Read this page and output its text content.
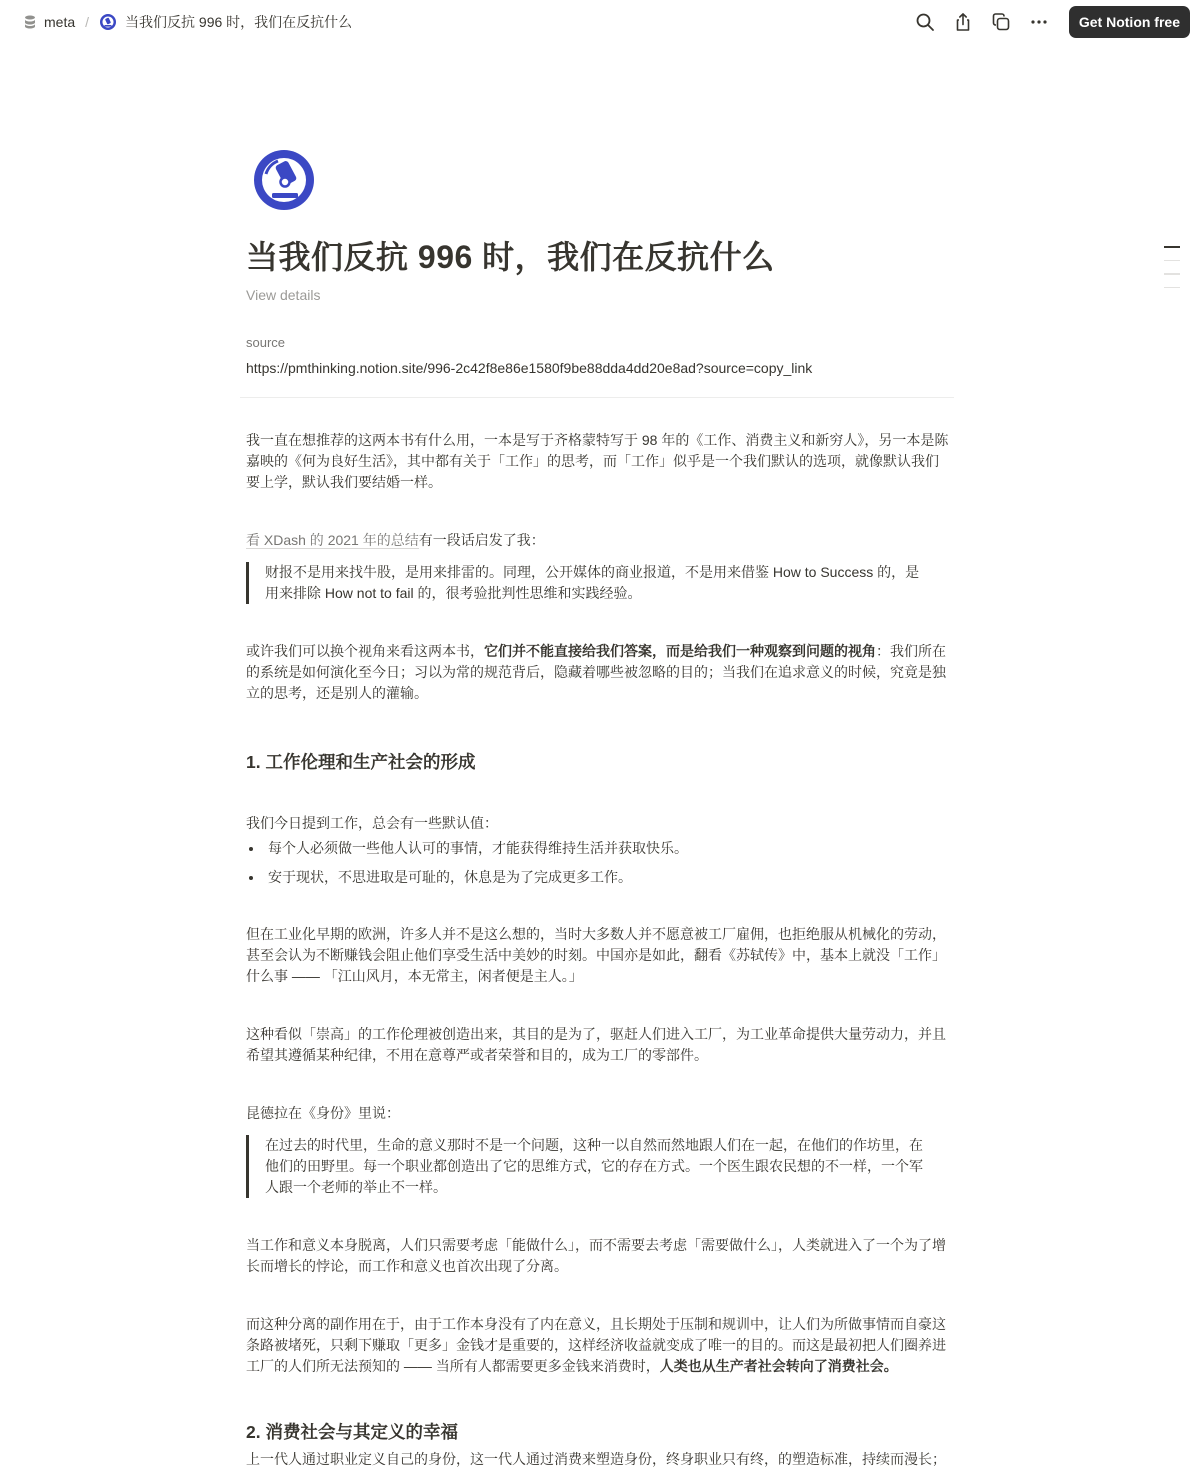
meta /	当我们反抗 996 时，我们在反抗什么	Get Notion free
当我们反抗 996 时，我们在反抗什么
View details
source
https://pmthinking.notion.site/996-2c42f8e86e1580f9be88dda4dd20e8ad?source=copy_link

我一直在想推荐的这两本书有什么用，一本是写于齐格蒙特写于 98 年的《工作、消费主义和新穷人》，另一本是陈嘉映的《何为良好生活》，其中都有关于「工作」的思考，而「工作」似乎是一个我们默认的选项，就像默认我们要上学，默认我们要结婚一样。

看 XDash 的 2021 年的总结有一段话启发了我：

财报不是用来找牛股，是用来排雷的。同理，公开媒体的商业报道，不是用来借鉴 How to Success 的，是用来排除 How not to fail 的，很考验批判性思维和实践经验。

或许我们可以换个视角来看这两本书，它们并不能直接给我们答案，而是给我们一种观察到问题的视角：我们所在的系统是如何演化至今日；习以为常的规范背后，隐藏着哪些被忽略的目的；当我们在追求意义的时候，究竟是独立的思考，还是别人的灌输。

1. 工作伦理和生产社会的形成

我们今日提到工作，总会有一些默认值：

• 每个人必须做一些他人认可的事情，才能获得维持生活并获取快乐。
• 安于现状，不思进取是可耻的，休息是为了完成更多工作。

但在工业化早期的欧洲，许多人并不是这么想的，当时大多数人并不愿意被工厂雇佣，也拒绝服从机械化的劳动，甚至会认为不断赚钱会阻止他们享受生活中美妙的时刻。中国亦是如此，翻看《苏轼传》中，基本上就没「工作」什么事 —— 「江山风月，本无常主，闲者便是主人。」

这种看似「崇高」的工作伦理被创造出来，其目的是为了，驱赶人们进入工厂，为工业革命提供大量劳动力，并且希望其遵循某种纪律，不用在意尊严或者荣誉和目的，成为工厂的零部件。

昆德拉在《身份》里说：

在过去的时代里，生命的意义那时不是一个问题，这种一以自然而然地跟人们在一起，在他们的作坊里，在他们的田野里。每一个职业都创造出了它的思维方式，它的存在方式。一个医生跟农民想的不一样，一个军人跟一个老师的举止不一样。

当工作和意义本身脱离，人们只需要考虑「能做什么」，而不需要去考虑「需要做什么」，人类就进入了一个为了增长而增长的悖论，而工作和意义也首次出现了分离。

而这种分离的副作用在于，由于工作本身没有了内在意义，且长期处于压制和规训中，让人们为所做事情而自豪这条路被堵死，只剩下赚取「更多」金钱才是重要的，这样经济收益就变成了唯一的目的。而这是最初把人们圈养进工厂的人们所无法预知的 —— 当所有人都需要更多金钱来消费时，人类也从生产者社会转向了消费社会。

2. 消费社会与其定义的幸福

上一代人通过职业定义自己的身份，这一代人通过消费来塑造身份，终身职业只有终，的塑造标准，持续而漫长；
